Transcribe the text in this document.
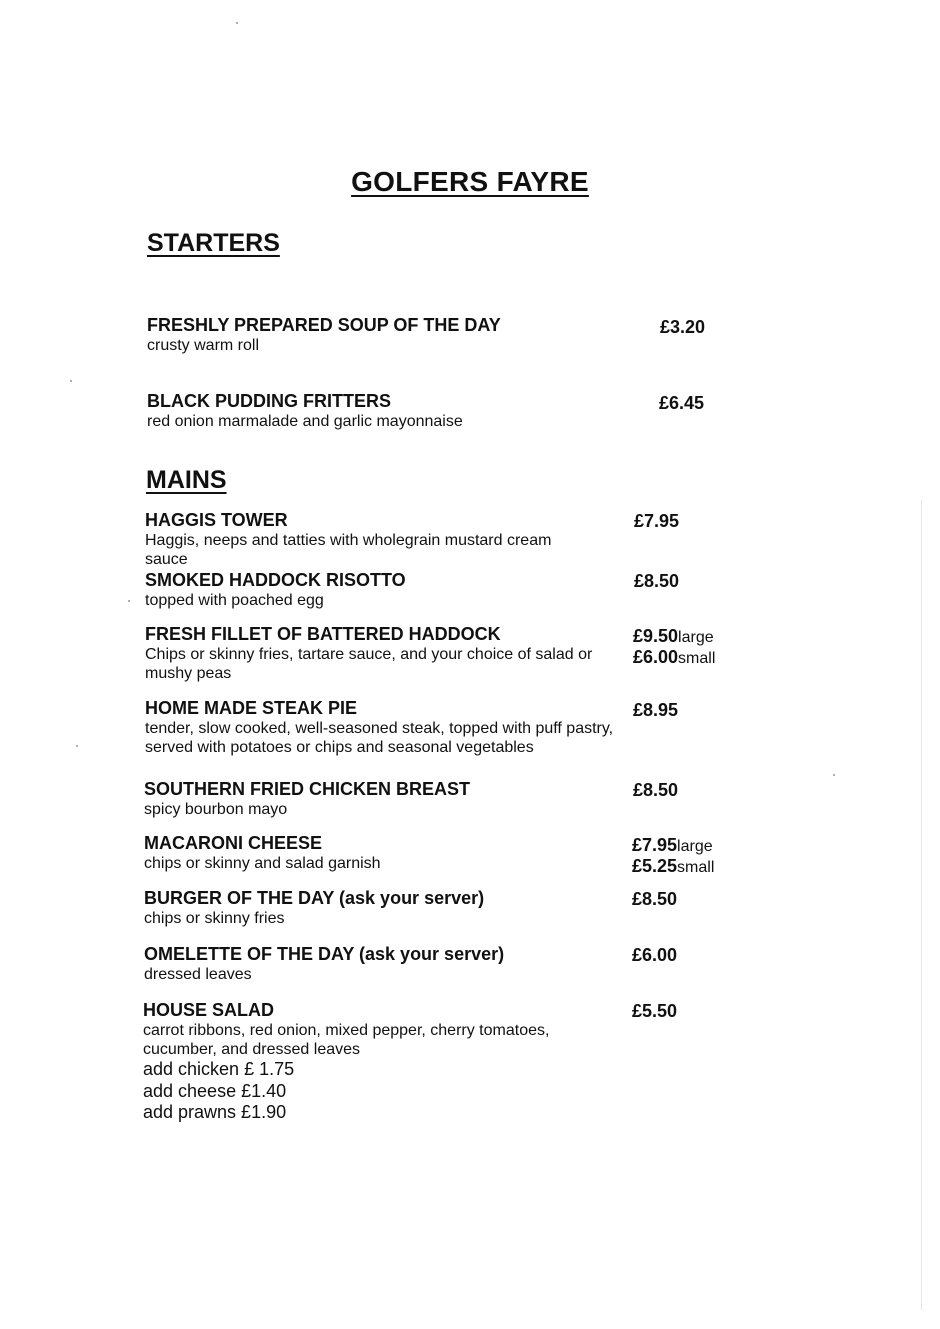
GOLFERS FAYRE
STARTERS
FRESHLY PREPARED SOUP OF THE DAY
crusty warm roll
£3.20
BLACK PUDDING FRITTERS
red onion marmalade and garlic mayonnaise
£6.45
MAINS
HAGGIS TOWER
Haggis, neeps and tatties with wholegrain mustard cream sauce
£7.95
SMOKED HADDOCK RISOTTO
topped with poached egg
£8.50
FRESH FILLET OF BATTERED HADDOCK
Chips or skinny fries, tartare sauce, and your choice of salad or mushy peas
£9.50large
£6.00small
HOME MADE STEAK PIE
tender, slow cooked, well-seasoned steak, topped with puff pastry, served with potatoes or chips and seasonal vegetables
£8.95
SOUTHERN FRIED CHICKEN BREAST
spicy bourbon mayo
£8.50
MACARONI CHEESE
chips or skinny and salad garnish
£7.95large
£5.25small
BURGER OF THE DAY (ask your server)
chips or skinny fries
£8.50
OMELETTE OF THE DAY (ask your server)
dressed leaves
£6.00
HOUSE SALAD
carrot ribbons, red onion, mixed pepper, cherry tomatoes, cucumber, and dressed leaves
add chicken £ 1.75
add cheese £1.40
add prawns £1.90
£5.50
